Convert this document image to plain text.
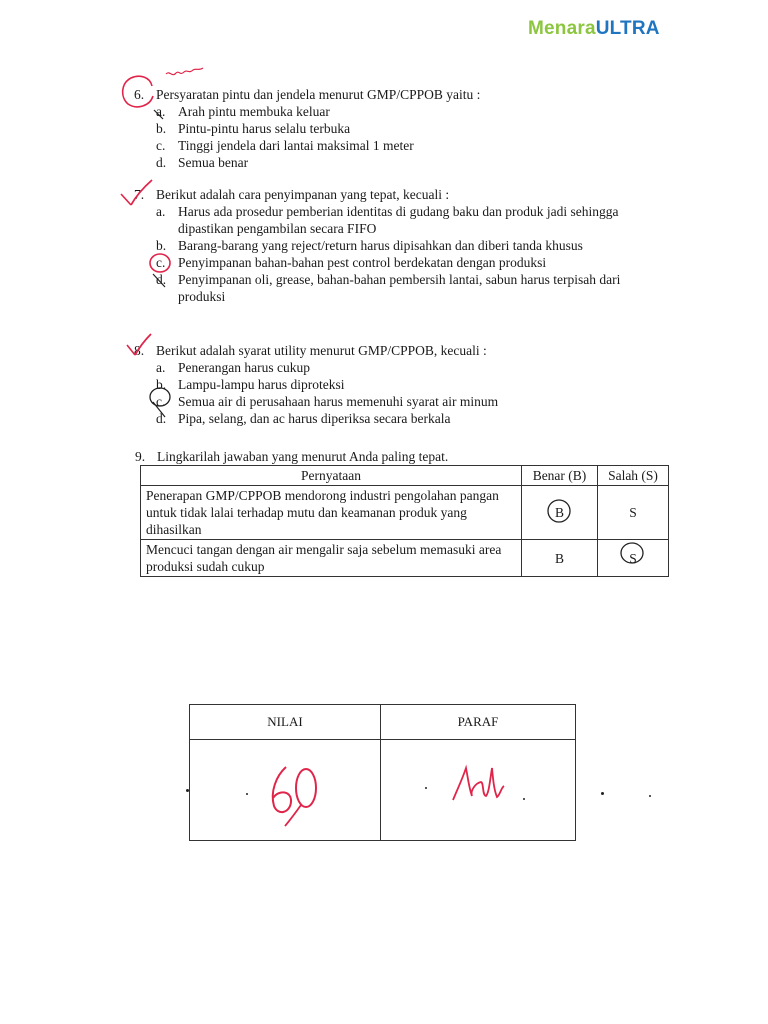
MenaraULTRA
6. Persyaratan pintu dan jendela menurut GMP/CPPOB yaitu :
a. Arah pintu membuka keluar
b. Pintu-pintu harus selalu terbuka
c. Tinggi jendela dari lantai maksimal 1 meter
d. Semua benar
7. Berikut adalah cara penyimpanan yang tepat, kecuali :
a. Harus ada prosedur pemberian identitas di gudang baku dan produk jadi sehingga dipastikan pengambilan secara FIFO
b. Barang-barang yang reject/return harus dipisahkan dan diberi tanda khusus
c. Penyimpanan bahan-bahan pest control berdekatan dengan produksi
d. Penyimpanan oli, grease, bahan-bahan pembersih lantai, sabun harus terpisah dari produksi
8. Berikut adalah syarat utility menurut GMP/CPPOB, kecuali :
a. Penerangan harus cukup
b. Lampu-lampu harus diproteksi
c. Semua air di perusahaan harus memenuhi syarat air minum
d. Pipa, selang, dan ac harus diperiksa secara berkala
9. Lingkarilah jawaban yang menurut Anda paling tepat.
Pernyataan	Benar (B)	Salah (S)
Penerapan GMP/CPPOB mendorong industri pengolahan pangan untuk tidak lalai terhadap mutu dan keamanan produk yang dihasilkan	B	S
Mencuci tangan dengan air mengalir saja sebelum memasuki area produksi sudah cukup	B	S
NILAI	PARAF
